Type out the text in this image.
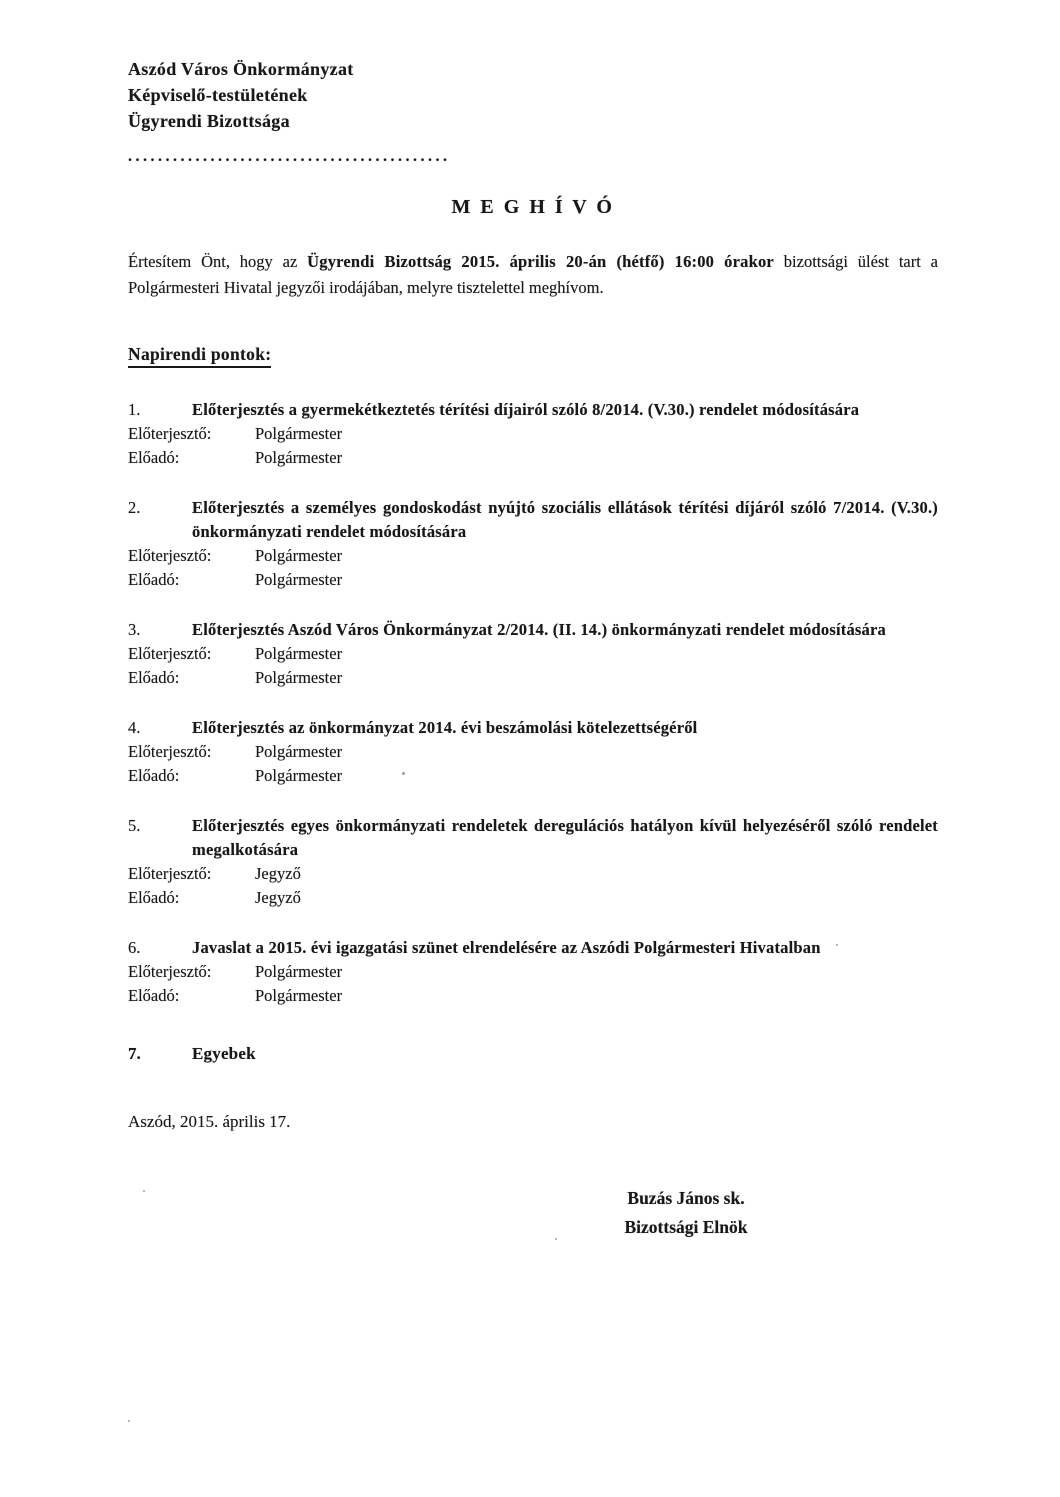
Aszód Város Önkormányzat
Képviselő-testületének
Ügyrendi Bizottsága
...........................................
M E G H Í V Ó

Értesítem Önt, hogy az Ügyrendi Bizottság 2015. április 20-án (hétfő) 16:00 órakor bizottsági ülést tart a Polgármesteri Hivatal jegyzői irodájában, melyre tisztelettel meghívom.

Napirendi pontok:
1.	Előterjesztés a gyermekétkeztetés térítési díjairól szóló 8/2014. (V.30.) rendelet módosítására
Előterjesztő:	Polgármester
Előadó:	Polgármester
2.	Előterjesztés a személyes gondoskodást nyújtó szociális ellátások térítési díjáról szóló 7/2014. (V.30.) önkormányzati rendelet módosítására
Előterjesztő:	Polgármester
Előadó:	Polgármester
3.	Előterjesztés Aszód Város Önkormányzat 2/2014. (II. 14.) önkormányzati rendelet módosítására
Előterjesztő:	Polgármester
Előadó:	Polgármester
4.	Előterjesztés az önkormányzat 2014. évi beszámolási kötelezettségéről
Előterjesztő:	Polgármester
Előadó:	Polgármester
5.	Előterjesztés egyes önkormányzati rendeletek deregulációs hatályon kívül helyezéséről szóló rendelet megalkotására
Előterjesztő:	Jegyző
Előadó:	Jegyző
6.	Javaslat a 2015. évi igazgatási szünet elrendelésére az Aszódi Polgármesteri Hivatalban
Előterjesztő:	Polgármester
Előadó:	Polgármester
7.	Egyebek
Aszód, 2015. április 17.
Buzás János sk.
Bizottsági Elnök
